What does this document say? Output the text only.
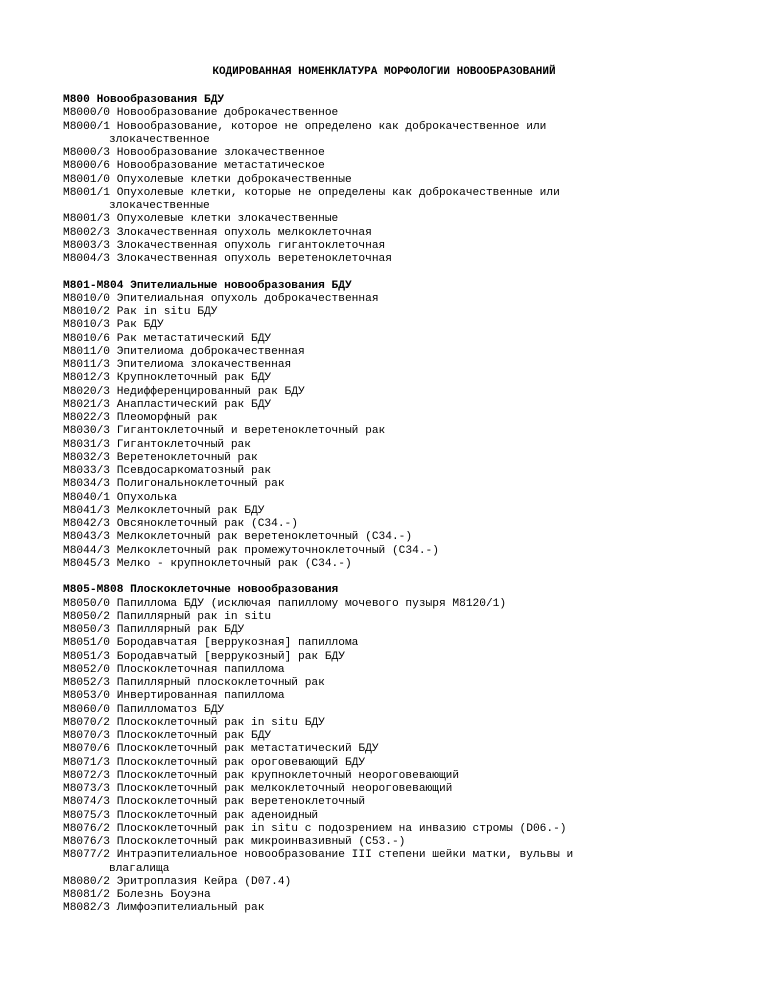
КОДИРОВАННАЯ НОМЕНКЛАТУРА МОРФОЛОГИИ НОВООБРАЗОВАНИЙ
M800 Новообразования БДУ
M8000/0 Новообразование доброкачественное
M8000/1 Новообразование, которое не определено как доброкачественное или
злокачественное
M8000/3 Новообразование злокачественное
M8000/6 Новообразование метастатическое
M8001/0 Опухолевые клетки доброкачественные
M8001/1 Опухолевые клетки, которые не определены как доброкачественные или
злокачественные
M8001/3 Опухолевые клетки злокачественные
M8002/3 Злокачественная опухоль мелкоклеточная
M8003/3 Злокачественная опухоль гигантоклеточная
M8004/3 Злокачественная опухоль веретеноклеточная
M801-M804 Эпителиальные новообразования БДУ
M8010/0 Эпителиальная опухоль доброкачественная
M8010/2 Рак in situ БДУ
M8010/3 Рак БДУ
M8010/6 Рак метастатический БДУ
M8011/0 Эпителиома доброкачественная
M8011/3 Эпителиома злокачественная
M8012/3 Крупноклеточный рак БДУ
M8020/3 Недифференцированный рак БДУ
M8021/3 Анапластический рак БДУ
M8022/3 Плеоморфный рак
M8030/3 Гигантоклеточный и веретеноклеточный рак
M8031/3 Гигантоклеточный рак
M8032/3 Веретеноклеточный рак
M8033/3 Псевдосаркоматозный рак
M8034/3 Полигональноклеточный рак
M8040/1 Опухолька
M8041/3 Мелкоклеточный рак БДУ
M8042/3 Овсяноклеточный рак (C34.-)
M8043/3 Мелкоклеточный рак веретеноклеточный (C34.-)
M8044/3 Мелкоклеточный рак промежуточноклеточный (C34.-)
M8045/3 Мелко - крупноклеточный рак (C34.-)
M805-M808 Плоскоклеточные новообразования
M8050/0 Папиллома БДУ (исключая папиллому мочевого пузыря M8120/1)
M8050/2 Папиллярный рак in situ
M8050/3 Папиллярный рак БДУ
M8051/0 Бородавчатая [веррукозная] папиллома
M8051/3 Бородавчатый [веррукозный] рак БДУ
M8052/0 Плоскоклеточная папиллома
M8052/3 Папиллярный плоскоклеточный рак
M8053/0 Инвертированная папиллома
M8060/0 Папилломатоз БДУ
M8070/2 Плоскоклеточный рак in situ БДУ
M8070/3 Плоскоклеточный рак БДУ
M8070/6 Плоскоклеточный рак метастатический БДУ
M8071/3 Плоскоклеточный рак ороговевающий БДУ
M8072/3 Плоскоклеточный рак крупноклеточный неороговевающий
M8073/3 Плоскоклеточный рак мелкоклеточный неороговевающий
M8074/3 Плоскоклеточный рак веретеноклеточный
M8075/3 Плоскоклеточный рак аденоидный
M8076/2 Плоскоклеточный рак in situ с подозрением на инвазию стромы (D06.-)
M8076/3 Плоскоклеточный рак микроинвазивный (C53.-)
M8077/2 Интраэпителиальное новообразование III степени шейки матки, вульвы и
влагалища
M8080/2 Эритроплазия Кейра (D07.4)
M8081/2 Болезнь Боуэна
M8082/3 Лимфоэпителиальный рак
